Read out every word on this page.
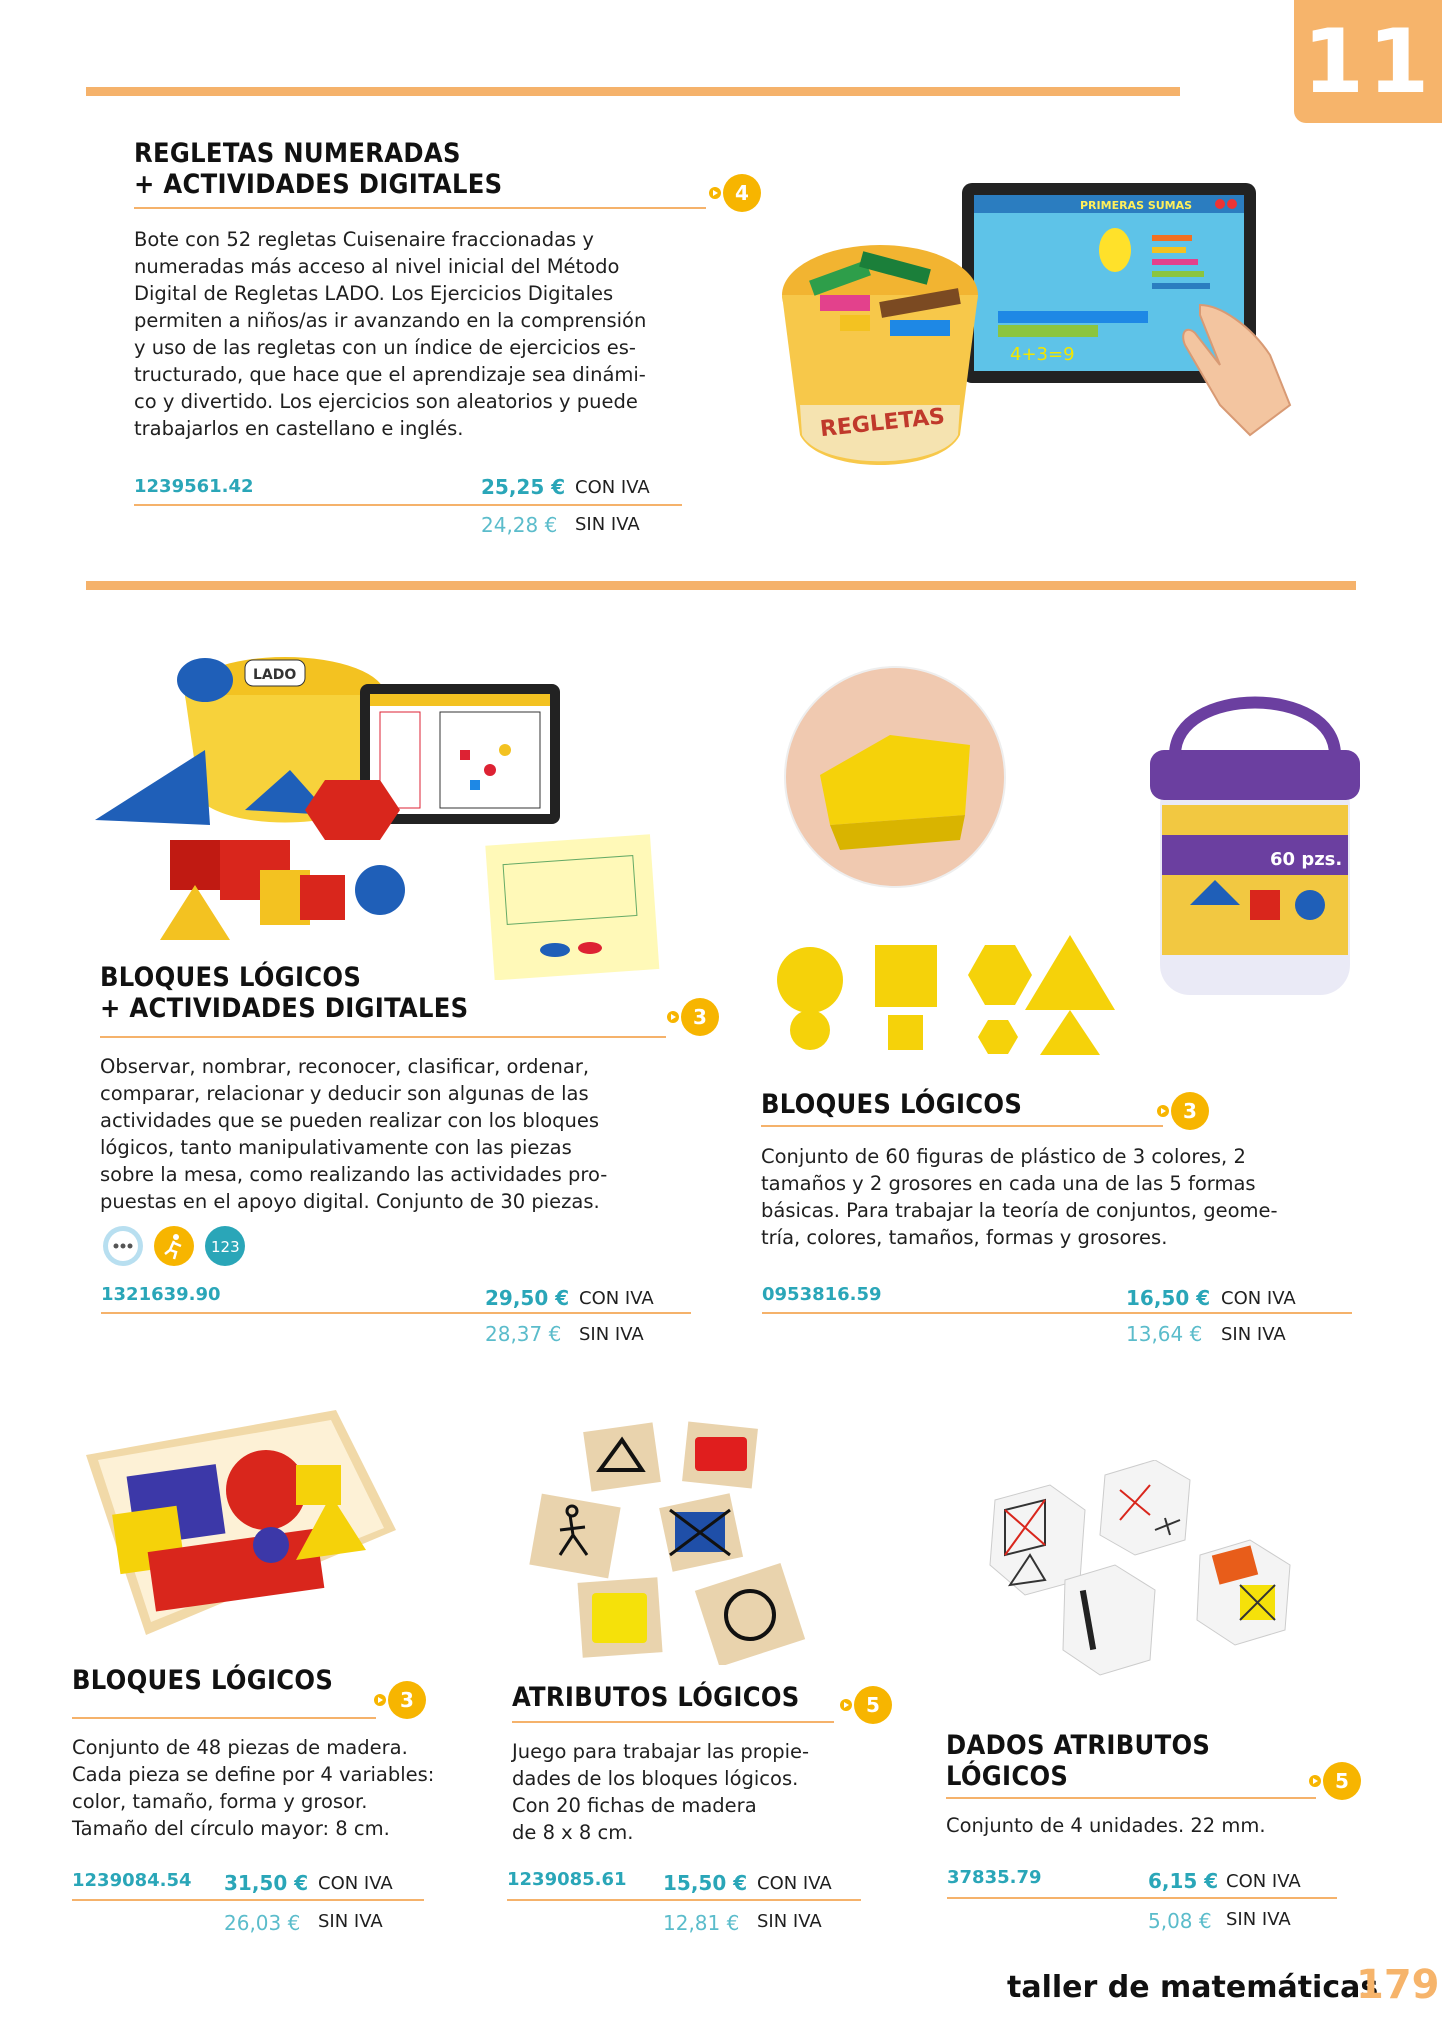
11
REGLETAS NUMERADAS
+ ACTIVIDADES DIGITALES	4
Bote con 52 regletas Cuisenaire fraccionadas y
numeradas más acceso al nivel inicial del Método
Digital de Regletas LADO. Los Ejercicios Digitales
permiten a niños/as ir avanzando en la comprensión
y uso de las regletas con un índice de ejercicios es-
tructurado, que hace que el aprendizaje sea dinámi-
co y divertido. Los ejercicios son aleatorios y puede
trabajarlos en castellano e inglés.
1239561.42	25,25 € CON IVA
24,28 € SIN IVA
PRIMERAS SUMAS
4+3=9
REGLETAS
LADO
BLOQUES LÓGICOS
+ ACTIVIDADES DIGITALES	3
Observar, nombrar, reconocer, clasificar, ordenar,
comparar, relacionar y deducir son algunas de las
actividades que se pueden realizar con los bloques
lógicos, tanto manipulativamente con las piezas
sobre la mesa, como realizando las actividades pro-
puestas en el apoyo digital. Conjunto de 30 piezas.
123
1321639.90	29,50 € CON IVA
28,37 € SIN IVA
60 pzs.
BLOQUES LÓGICOS	3
Conjunto de 60 figuras de plástico de 3 colores, 2
tamaños y 2 grosores en cada una de las 5 formas
básicas. Para trabajar la teoría de conjuntos, geome-
tría, colores, tamaños, formas y grosores.
0953816.59	16,50 € CON IVA
13,64 € SIN IVA
BLOQUES LÓGICOS
3
Conjunto de 48 piezas de madera.
Cada pieza se define por 4 variables:
color, tamaño, forma y grosor.
Tamaño del círculo mayor: 8 cm.
1239084.54 31,50 € CON IVA
26,03 € SIN IVA
ATRIBUTOS LÓGICOS	5
Juego para trabajar las propie-
dades de los bloques lógicos.
Con 20 fichas de madera
de 8 x 8 cm.
1239085.61 15,50 € CON IVA
12,81 € SIN IVA
DADOS ATRIBUTOS
LÓGICOS	5
Conjunto de 4 unidades. 22 mm.
37835.79	6,15 € CON IVA
5,08 € SIN IVA
taller de matemáticas
179
